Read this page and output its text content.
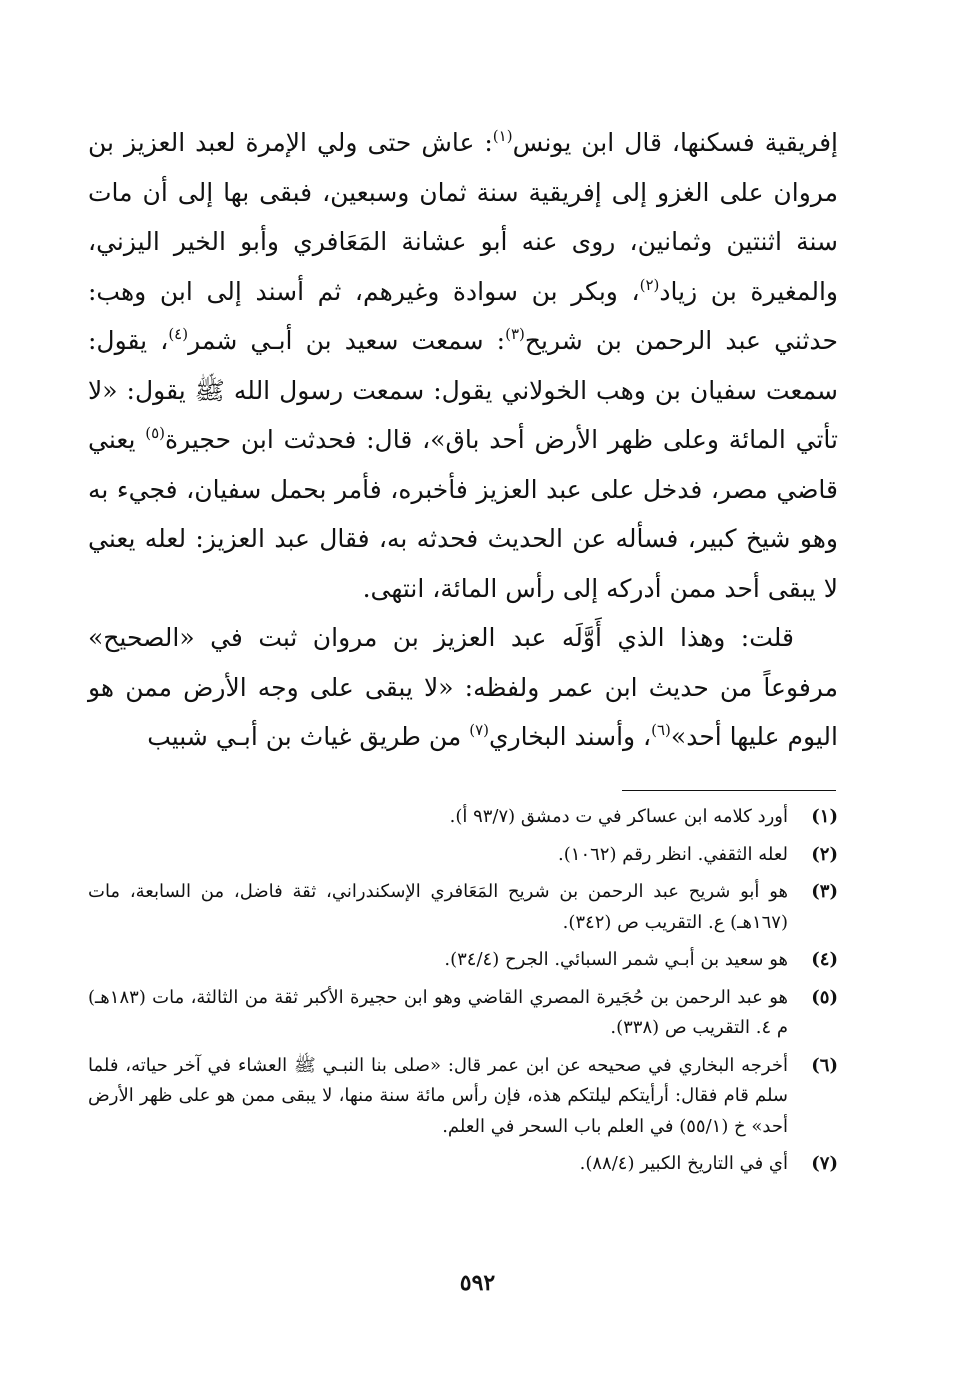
إفريقية فسكنها، قال ابن يونس$^{(١)}$: عاش حتى ولي الإمرة لعبد العزيز بن مروان على الغزو إلى إفريقية سنة ثمان وسبعين، فبقى بها إلى أن مات سنة اثنتين وثمانين، روى عنه أبو عشانة المَعَافري وأبو الخير اليزني، والمغيرة بن زياد$^{(٢)}$، وبكر بن سوادة وغيرهم، ثم أسند إلى ابن وهب: حدثني عبد الرحمن بن شريح$^{(٣)}$: سمعت سعيد بن أبـي شمر$^{(٤)}$، يقول: سمعت سفيان بن وهب الخولاني يقول: سمعت رسول الله ﷺ يقول: «لا تأتي المائة وعلى ظهر الأرض أحد باق»، قال: فحدثت ابن حجيرة$^{(٥)}$ يعني قاضي مصر، فدخل على عبد العزيز فأخبره، فأمر بحمل سفيان، فجيء به وهو شيخ كبير، فسأله عن الحديث فحدثه به، فقال عبد العزيز: لعله يعني لا يبقى أحد ممن أدركه إلى رأس المائة، انتهى.

قلت: وهذا الذي أَوَّلَه عبد العزيز بن مروان ثبت في «الصحيح» مرفوعاً من حديث ابن عمر ولفظه: «لا يبقى على وجه الأرض ممن هو اليوم عليها أحد»$^{(٦)}$، وأسند البخاري$^{(٧)}$ من طريق غياث بن أبـي شبيب

(١)
أورد كلامه ابن عساكر في ت دمشق (٩٣/٧ أ).
(٢)
لعله الثقفي. انظر رقم (١٠٦٢).
(٣)
هو أبو شريح عبد الرحمن بن شريح المَعَافري الإسكندراني، ثقة فاضل، من السابعة، مات (١٦٧هـ) ع. التقريب ص (٣٤٢).
(٤)
هو سعيد بن أبـي شمر السبائي. الجرح (٣٤/٤).
(٥)
هو عبد الرحمن بن حُجَيرة المصري القاضي وهو ابن حجيرة الأكبر ثقة من الثالثة، مات (١٨٣هـ) م ٤. التقريب ص (٣٣٨).
(٦)
أخرجه البخاري في صحيحه عن ابن عمر قال: «صلى بنا النبـي ﷺ العشاء في آخر حياته، فلما سلم قام فقال: أرأيتكم ليلتكم هذه، فإن رأس مائة سنة منها، لا يبقى ممن هو على ظهر الأرض أحد» خ (٥٥/١) في العلم باب السحر في العلم.
(٧)
أي في التاريخ الكبير (٨٨/٤).
٥٩٢
